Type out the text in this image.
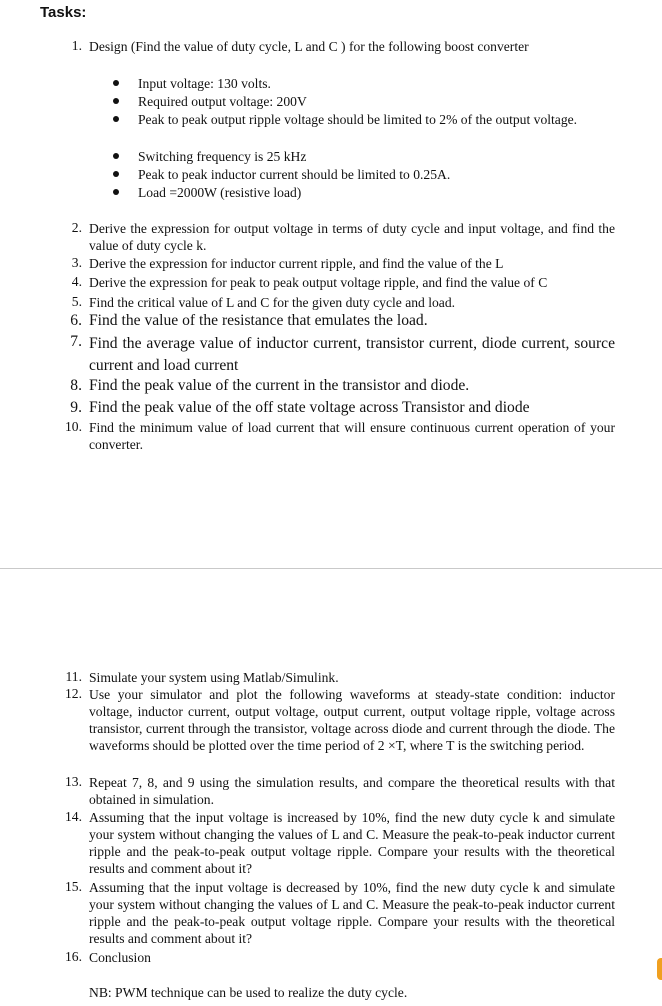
Tasks:
1. Design (Find the value of duty cycle, L and C ) for the following boost converter
Input voltage: 130 volts.
Required output voltage: 200V
Peak to peak output ripple voltage should be limited to 2% of the output voltage.
Switching frequency is 25 kHz
Peak to peak inductor current should be limited to 0.25A.
Load =2000W (resistive load)
2. Derive the expression for output voltage in terms of duty cycle and input voltage, and find the value of duty cycle k.
3. Derive the expression for inductor current ripple, and find the value of the L
4. Derive the expression for peak to peak output voltage ripple, and find the value of C
5. Find the critical value of L and C for the given duty cycle and load.
6. Find the value of the resistance that emulates the load.
7. Find the average value of inductor current, transistor current, diode current, source current and load current
8. Find the peak value of the current in the transistor and diode.
9. Find the peak value of the off state voltage across Transistor and diode
10. Find the minimum value of load current that will ensure continuous current operation of your converter.
11. Simulate your system using Matlab/Simulink.
12. Use your simulator and plot the following waveforms at steady-state condition: inductor voltage, inductor current, output voltage, output current, output voltage ripple, voltage across transistor, current through the transistor, voltage across diode and current through the diode. The waveforms should be plotted over the time period of 2 ×T, where T is the switching period.
13. Repeat 7, 8, and 9 using the simulation results, and compare the theoretical results with that obtained in simulation.
14. Assuming that the input voltage is increased by 10%, find the new duty cycle k and simulate your system without changing the values of L and C. Measure the peak-to-peak inductor current ripple and the peak-to-peak output voltage ripple. Compare your results with the theoretical results and comment about it?
15. Assuming that the input voltage is decreased by 10%, find the new duty cycle k and simulate your system without changing the values of L and C. Measure the peak-to-peak inductor current ripple and the peak-to-peak output voltage ripple. Compare your results with the theoretical results and comment about it?
16. Conclusion
NB: PWM technique can be used to realize the duty cycle.
